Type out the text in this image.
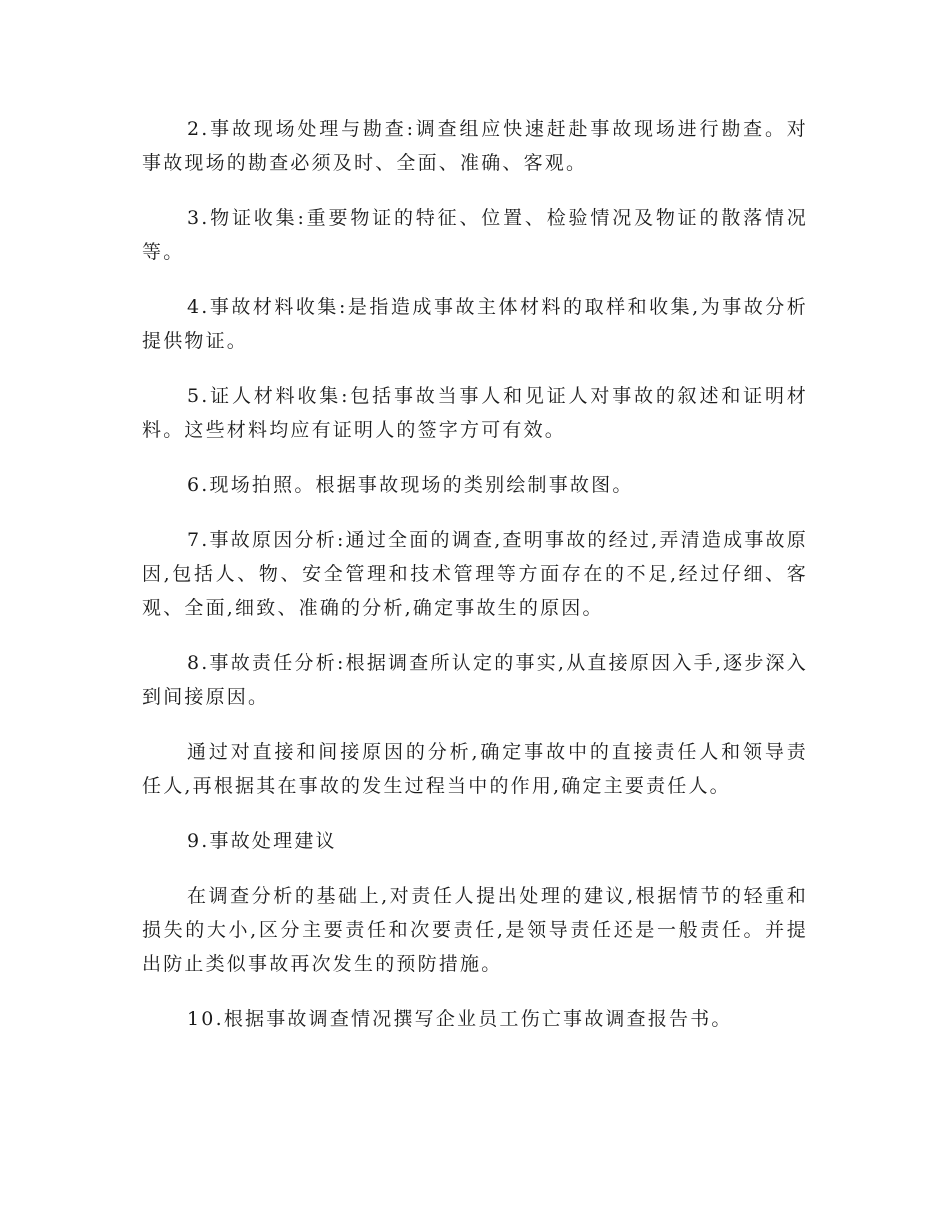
2.事故现场处理与勘查:调查组应快速赶赴事故现场进行勘查。对事故现场的勘查必须及时、全面、准确、客观。

3.物证收集:重要物证的特征、位置、检验情况及物证的散落情况等。

4.事故材料收集:是指造成事故主体材料的取样和收集,为事故分析提供物证。

5.证人材料收集:包括事故当事人和见证人对事故的叙述和证明材料。这些材料均应有证明人的签字方可有效。

6.现场拍照。根据事故现场的类别绘制事故图。

7.事故原因分析:通过全面的调查,查明事故的经过,弄清造成事故原因,包括人、物、安全管理和技术管理等方面存在的不足,经过仔细、客观、全面,细致、准确的分析,确定事故生的原因。

8.事故责任分析:根据调查所认定的事实,从直接原因入手,逐步深入到间接原因。

通过对直接和间接原因的分析,确定事故中的直接责任人和领导责任人,再根据其在事故的发生过程当中的作用,确定主要责任人。

9.事故处理建议

在调查分析的基础上,对责任人提出处理的建议,根据情节的轻重和损失的大小,区分主要责任和次要责任,是领导责任还是一般责任。并提出防止类似事故再次发生的预防措施。

10.根据事故调查情况撰写企业员工伤亡事故调查报告书。
